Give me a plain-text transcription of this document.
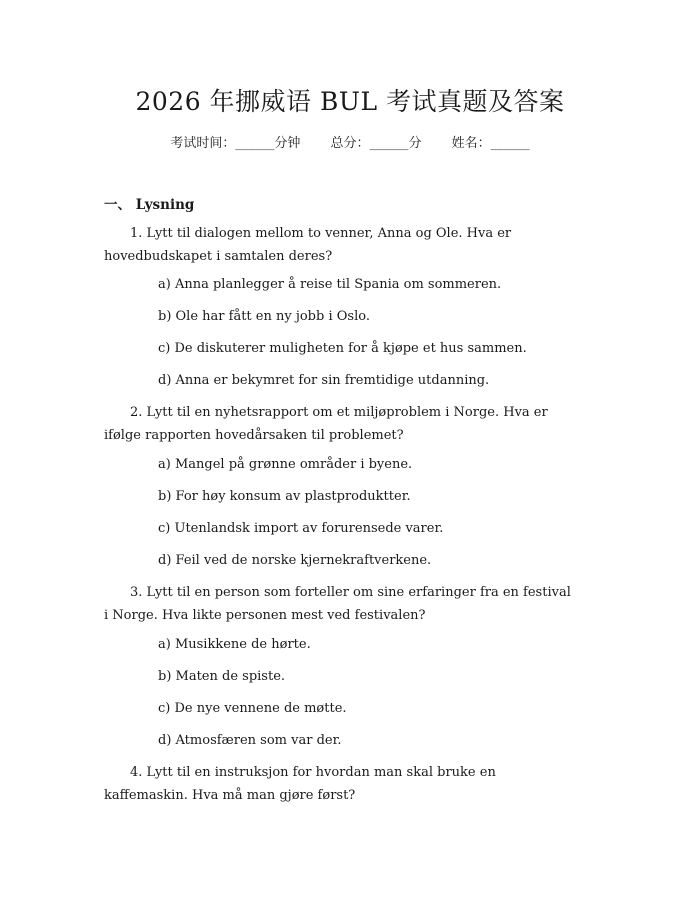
2026 年挪威语 BUL 考试真题及答案
考试时间：______分钟 总分：______分 姓名：______
一、 Lysning
1. Lytt til dialogen mellom to venner, Anna og Ole. Hva er hovedbudskapet i samtalen deres?
a) Anna planlegger å reise til Spania om sommeren.
b) Ole har fått en ny jobb i Oslo.
c) De diskuterer muligheten for å kjøpe et hus sammen.
d) Anna er bekymret for sin fremtidige utdanning.
2. Lytt til en nyhetsrapport om et miljøproblem i Norge. Hva er ifølge rapporten hovedårsaken til problemet?
a) Mangel på grønne områder i byene.
b) For høy konsum av plastproduktter.
c) Utenlandsk import av forurensede varer.
d) Feil ved de norske kjernekraftverkene.
3. Lytt til en person som forteller om sine erfaringer fra en festival i Norge. Hva likte personen mest ved festivalen?
a) Musikkene de hørte.
b) Maten de spiste.
c) De nye vennene de møtte.
d) Atmosfæren som var der.
4. Lytt til en instruksjon for hvordan man skal bruke en kaffemaskin. Hva må man gjøre først?
